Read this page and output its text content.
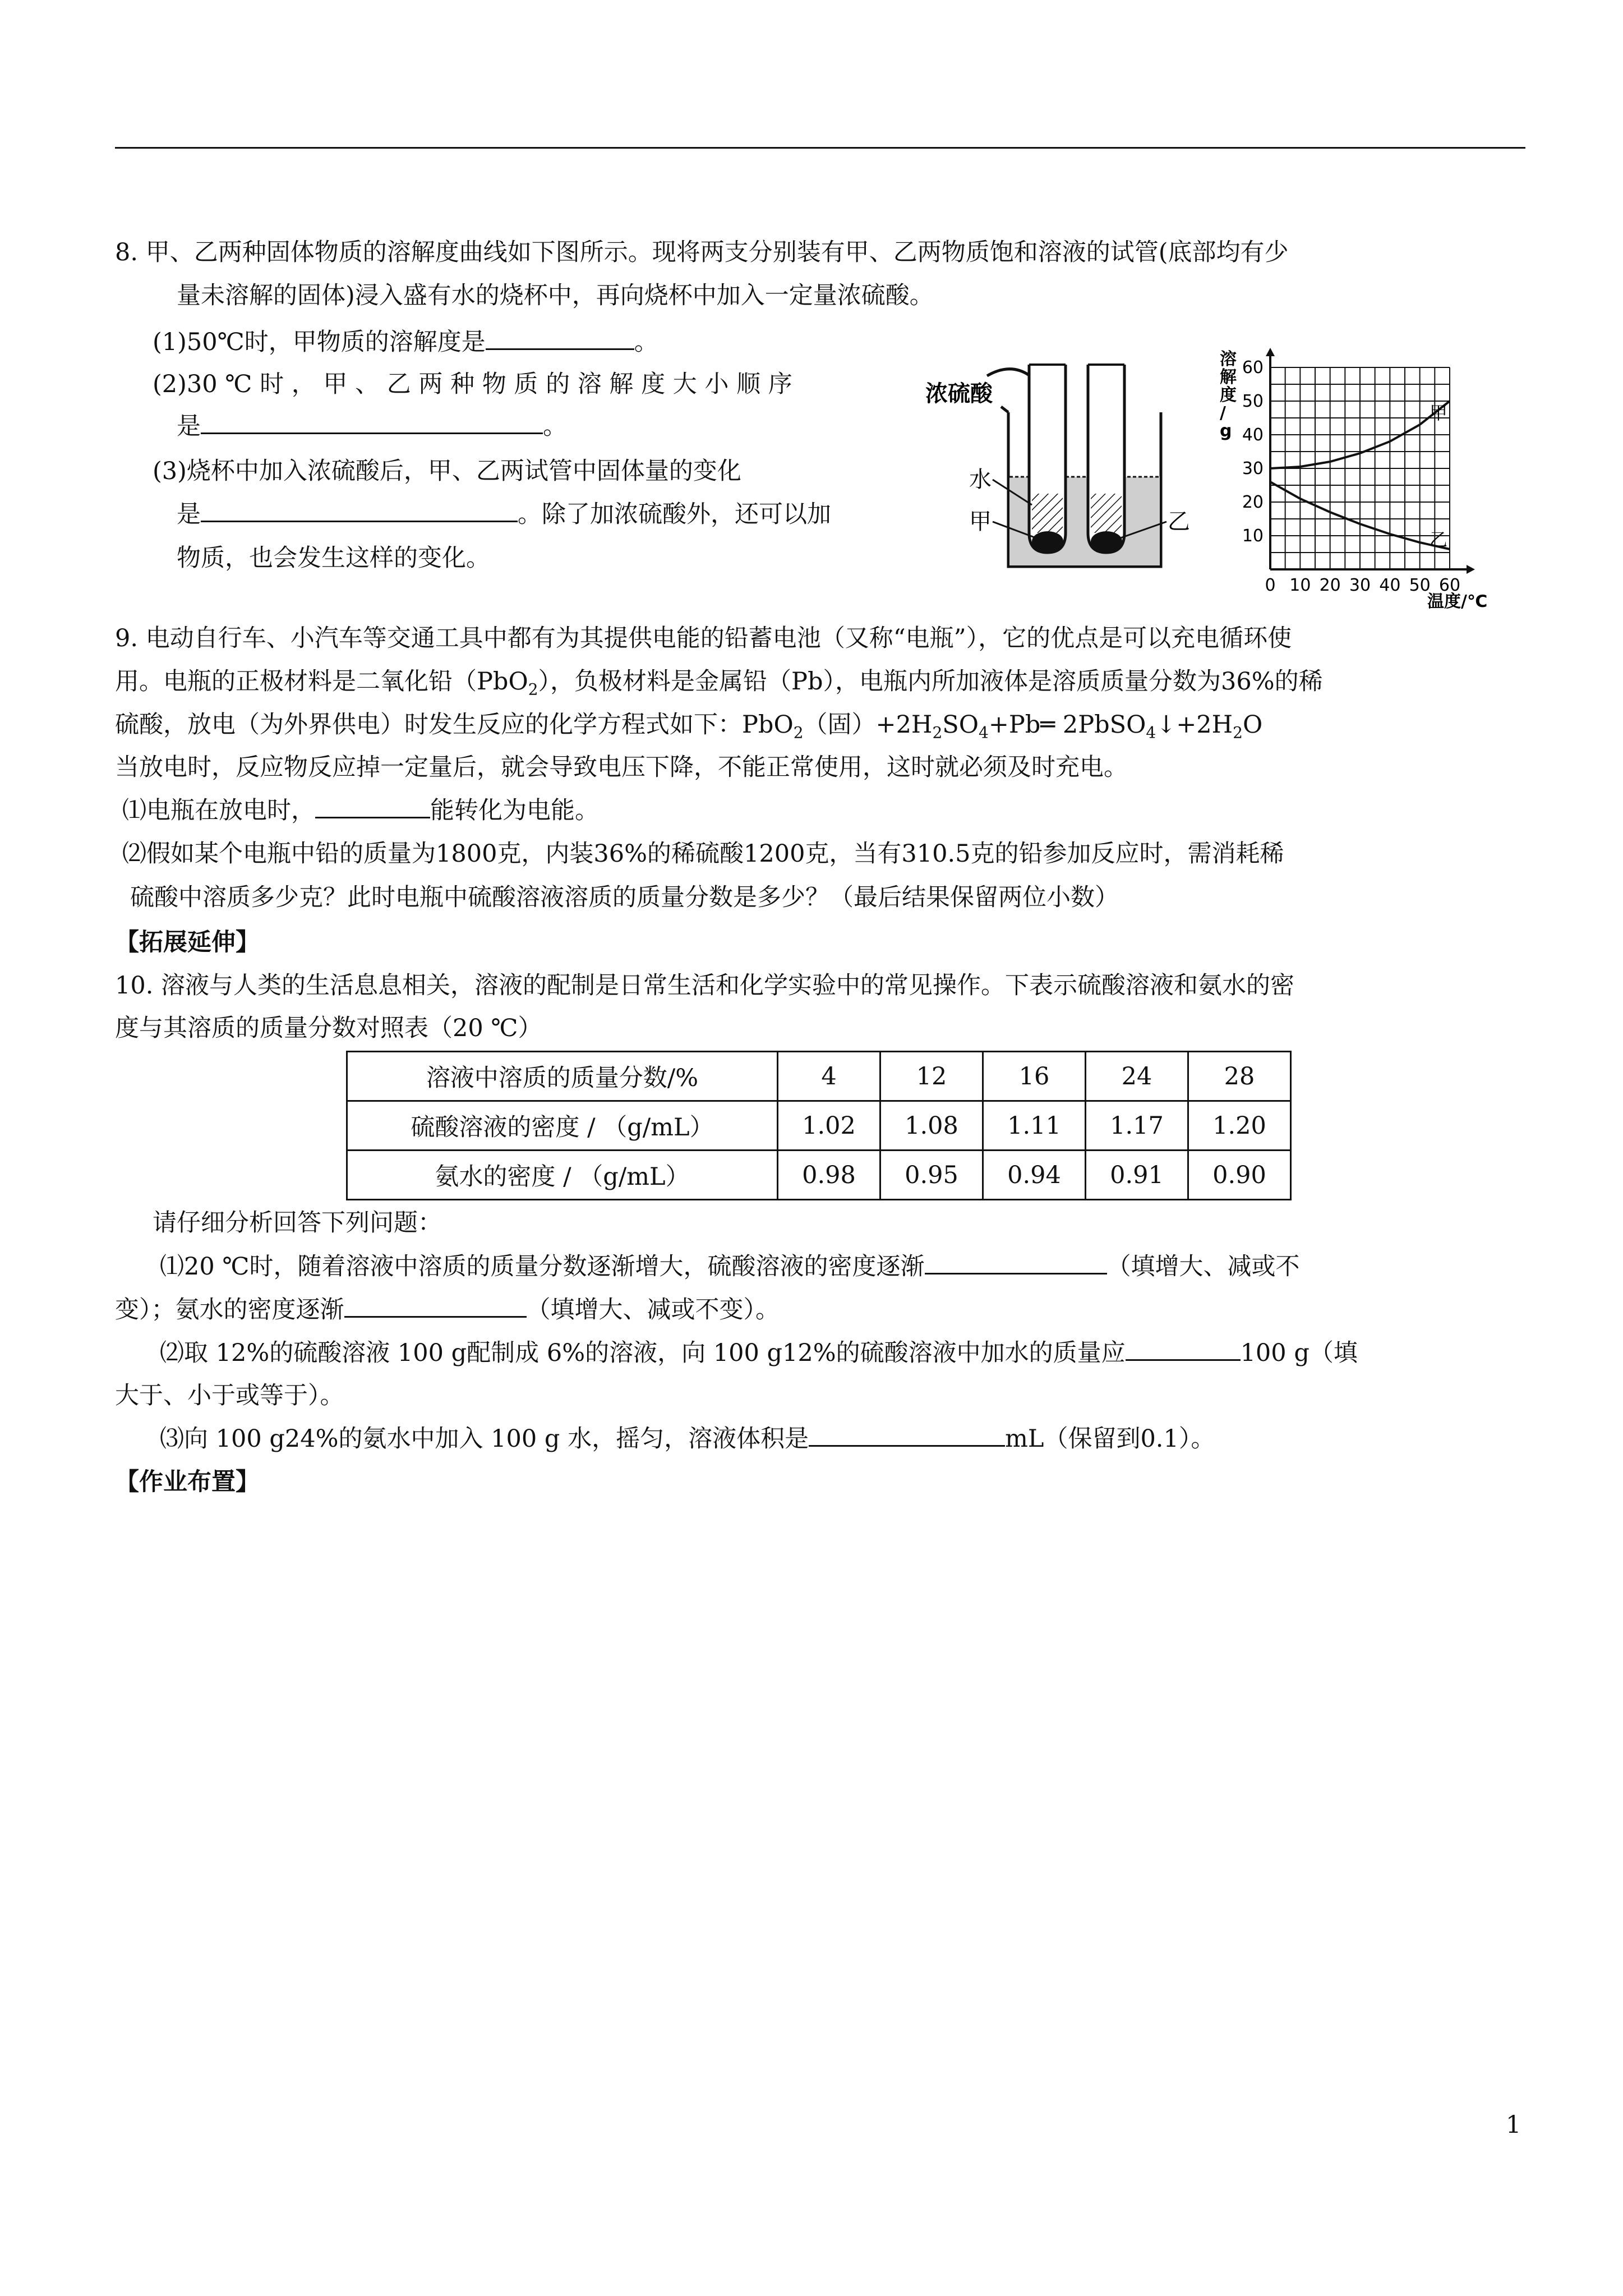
8. 甲、乙两种固体物质的溶解度曲线如下图所示。现将两支分别装有甲、乙两物质饱和溶液的试管(底部均有少
量未溶解的固体)浸入盛有水的烧杯中，再向烧杯中加入一定量浓硫酸。
(1)50℃时，甲物质的溶解度是	。
(2)30 ℃ 时 ， 甲 、 乙 两 种 物 质 的 溶 解 度 大 小 顺 序
是	。
(3)烧杯中加入浓硫酸后，甲、乙两试管中固体量的变化
是	。除了加浓硫酸外，还可以加
物质，也会发生这样的变化。
浓硫酸
水
甲	乙
0 10 20 30 40 50 60
10
20
30
40
50
60
甲
乙
溶解度/ g
温度/℃
9. 电动自行车、小汽车等交通工具中都有为其提供电能的铅蓄电池（又称“电瓶”），它的优点是可以充电循环使
用。电瓶的正极材料是二氧化铅（PbO$_2$），负极材料是金属铅（Pb），电瓶内所加液体是溶质质量分数为36%的稀
硫酸，放电（为外界供电）时发生反应的化学方程式如下：PbO$_2$（固）$+2H_2SO_4+Pb═$ $2PbSO_4↓+2H_2O$
当放电时，反应物反应掉一定量后，就会导致电压下降，不能正常使用，这时就必须及时充电。
⑴电瓶在放电时，	能转化为电能。
⑵假如某个电瓶中铅的质量为1800克，内装36%的稀硫酸1200克，当有310.5克的铅参加反应时，需消耗稀
硫酸中溶质多少克？此时电瓶中硫酸溶液溶质的质量分数是多少？（最后结果保留两位小数）
【拓展延伸】
10. 溶液与人类的生活息息相关，溶液的配制是日常生活和化学实验中的常见操作。下表示硫酸溶液和氨水的密
度与其溶质的质量分数对照表（20 ℃）
溶液中溶质的质量分数/%	4	12	16	24	28
硫酸溶液的密度 / （g/mL）	1.02	1.08	1.11	1.17	1.20
氨水的密度 / （g/mL）	0.98	0.95	0.94	0.91	0.90
请仔细分析回答下列问题：
⑴20 ℃时，随着溶液中溶质的质量分数逐渐增大，硫酸溶液的密度逐渐	（填增大、减或不
变）；氨水的密度逐渐	（填增大、减或不变）。
⑵取 12%的硫酸溶液 100 g配制成 6%的溶液，向 100 g12%的硫酸溶液中加水的质量应	100 g（填
大于、小于或等于）。
⑶向 100 g24%的氨水中加入 100 g 水，摇匀，溶液体积是	mL（保留到0.1）。
【作业布置】
1
